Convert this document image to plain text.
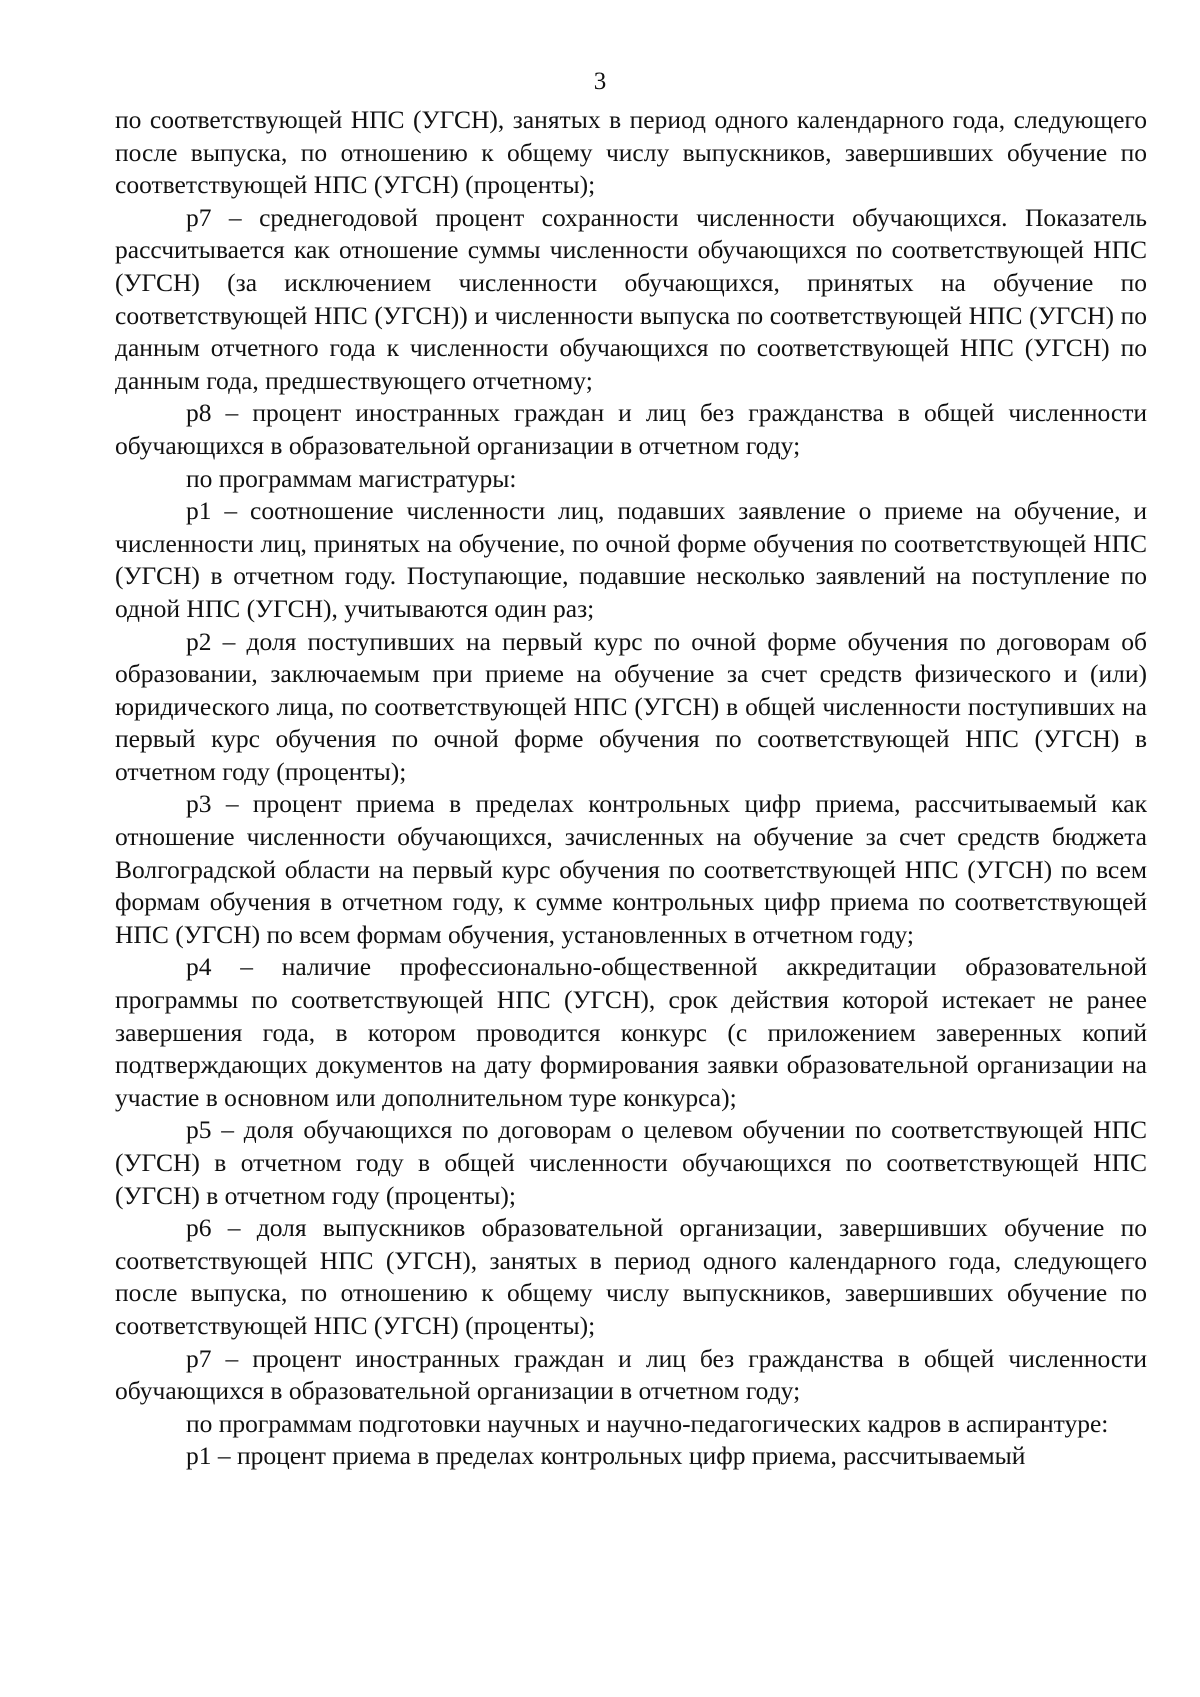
3

по соответствующей НПС (УГСН), занятых в период одного календарного года, следующего после выпуска, по отношению к общему числу выпускников, завершивших обучение по соответствующей НПС (УГСН) (проценты);

p7 – среднегодовой процент сохранности численности обучающихся. Показатель рассчитывается как отношение суммы численности обучающихся по соответствующей НПС (УГСН) (за исключением численности обучающихся, принятых на обучение по соответствующей НПС (УГСН)) и численности выпуска по соответствующей НПС (УГСН) по данным отчетного года к численности обучающихся по соответствующей НПС (УГСН) по данным года, предшествующего отчетному;

p8 – процент иностранных граждан и лиц без гражданства в общей численности обучающихся в образовательной организации в отчетном году;

по программам магистратуры:

p1 – соотношение численности лиц, подавших заявление о приеме на обучение, и численности лиц, принятых на обучение, по очной форме обучения по соответствующей НПС (УГСН) в отчетном году. Поступающие, подавшие несколько заявлений на поступление по одной НПС (УГСН), учитываются один раз;

p2 – доля поступивших на первый курс по очной форме обучения по договорам об образовании, заключаемым при приеме на обучение за счет средств физического и (или) юридического лица, по соответствующей НПС (УГСН) в общей численности поступивших на первый курс обучения по очной форме обучения по соответствующей НПС (УГСН) в отчетном году (проценты);

p3 – процент приема в пределах контрольных цифр приема, рассчитываемый как отношение численности обучающихся, зачисленных на обучение за счет средств бюджета Волгоградской области на первый курс обучения по соответствующей НПС (УГСН) по всем формам обучения в отчетном году, к сумме контрольных цифр приема по соответствующей НПС (УГСН) по всем формам обучения, установленных в отчетном году;

p4 – наличие профессионально-общественной аккредитации образовательной программы по соответствующей НПС (УГСН), срок действия которой истекает не ранее завершения года, в котором проводится конкурс (с приложением заверенных копий подтверждающих документов на дату формирования заявки образовательной организации на участие в основном или дополнительном туре конкурса);

p5 – доля обучающихся по договорам о целевом обучении по соответствующей НПС (УГСН) в отчетном году в общей численности обучающихся по соответствующей НПС (УГСН) в отчетном году (проценты);

p6 – доля выпускников образовательной организации, завершивших обучение по соответствующей НПС (УГСН), занятых в период одного календарного года, следующего после выпуска, по отношению к общему числу выпускников, завершивших обучение по соответствующей НПС (УГСН) (проценты);

p7 – процент иностранных граждан и лиц без гражданства в общей численности обучающихся в образовательной организации в отчетном году;

по программам подготовки научных и научно-педагогических кадров в аспирантуре:

p1 – процент приема в пределах контрольных цифр приема, рассчитываемый
